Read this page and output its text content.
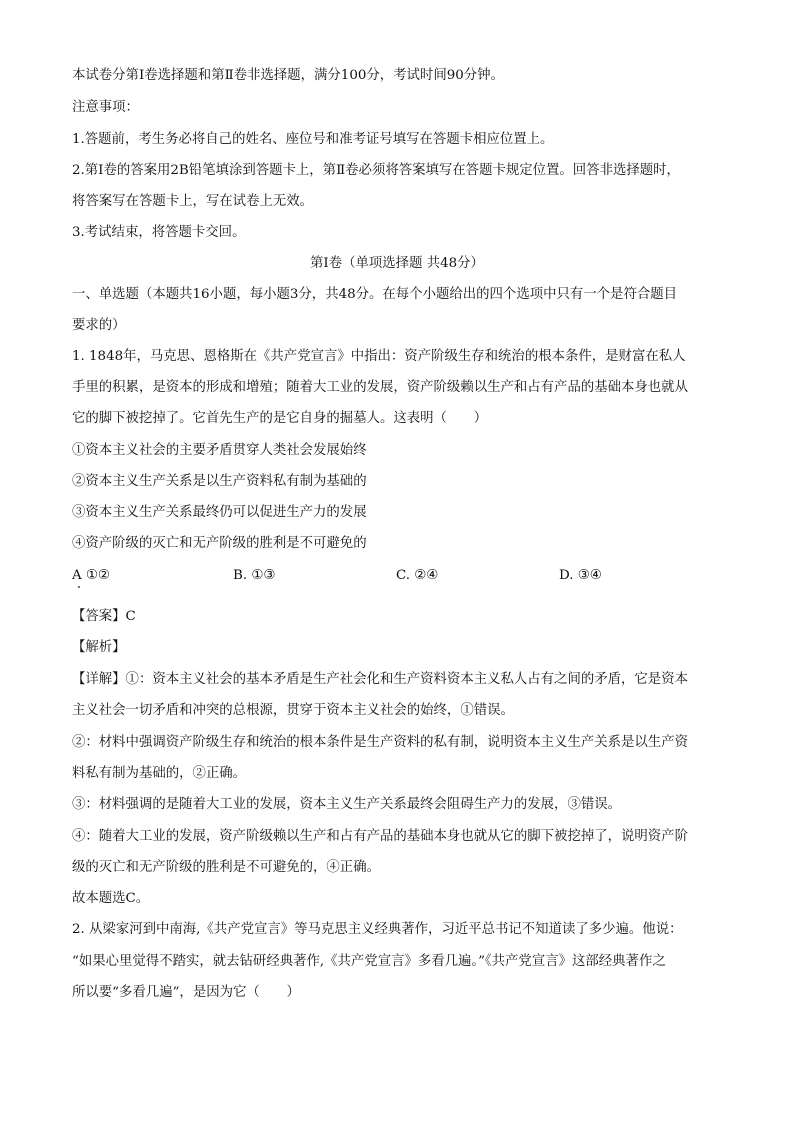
本试卷分第Ⅰ卷选择题和第Ⅱ卷非选择题，满分100分，考试时间90分钟。
注意事项：
1.答题前，考生务必将自己的姓名、座位号和准考证号填写在答题卡相应位置上。
2.第Ⅰ卷的答案用2B铅笔填涂到答题卡上，第Ⅱ卷必须将答案填写在答题卡规定位置。回答非选择题时，
将答案写在答题卡上，写在试卷上无效。
3.考试结束，将答题卡交回。
第Ⅰ卷（单项选择题 共48分）
一、单选题（本题共16小题，每小题3分，共48分。在每个小题给出的四个选项中只有一个是符合题目
要求的）
1. 1848年，马克思、恩格斯在《共产党宣言》中指出：资产阶级生存和统治的根本条件，是财富在私人
手里的积累，是资本的形成和增殖；随着大工业的发展，资产阶级赖以生产和占有产品的基础本身也就从
它的脚下被挖掉了。它首先生产的是它自身的掘墓人。这表明（　　）
①资本主义社会的主要矛盾贯穿人类社会发展始终
②资本主义生产关系是以生产资料私有制为基础的
③资本主义生产关系最终仍可以促进生产力的发展
④资产阶级的灭亡和无产阶级的胜利是不可避免的
A ①②	B. ①③	C. ②④	D. ③④
【答案】C
【解析】
【详解】①：资本主义社会的基本矛盾是生产社会化和生产资料资本主义私人占有之间的矛盾，它是资本
主义社会一切矛盾和冲突的总根源，贯穿于资本主义社会的始终，①错误。
②：材料中强调资产阶级生存和统治的根本条件是生产资料的私有制，说明资本主义生产关系是以生产资
料私有制为基础的，②正确。
③：材料强调的是随着大工业的发展，资本主义生产关系最终会阻碍生产力的发展，③错误。
④：随着大工业的发展，资产阶级赖以生产和占有产品的基础本身也就从它的脚下被挖掉了，说明资产阶
级的灭亡和无产阶级的胜利是不可避免的，④正确。
故本题选C。
2. 从梁家河到中南海,《共产党宣言》等马克思主义经典著作，习近平总书记不知道读了多少遍。他说：
“如果心里觉得不踏实，就去钻研经典著作,《共产党宣言》多看几遍。”《共产党宣言》这部经典著作之
所以要“多看几遍”，是因为它（　　）
